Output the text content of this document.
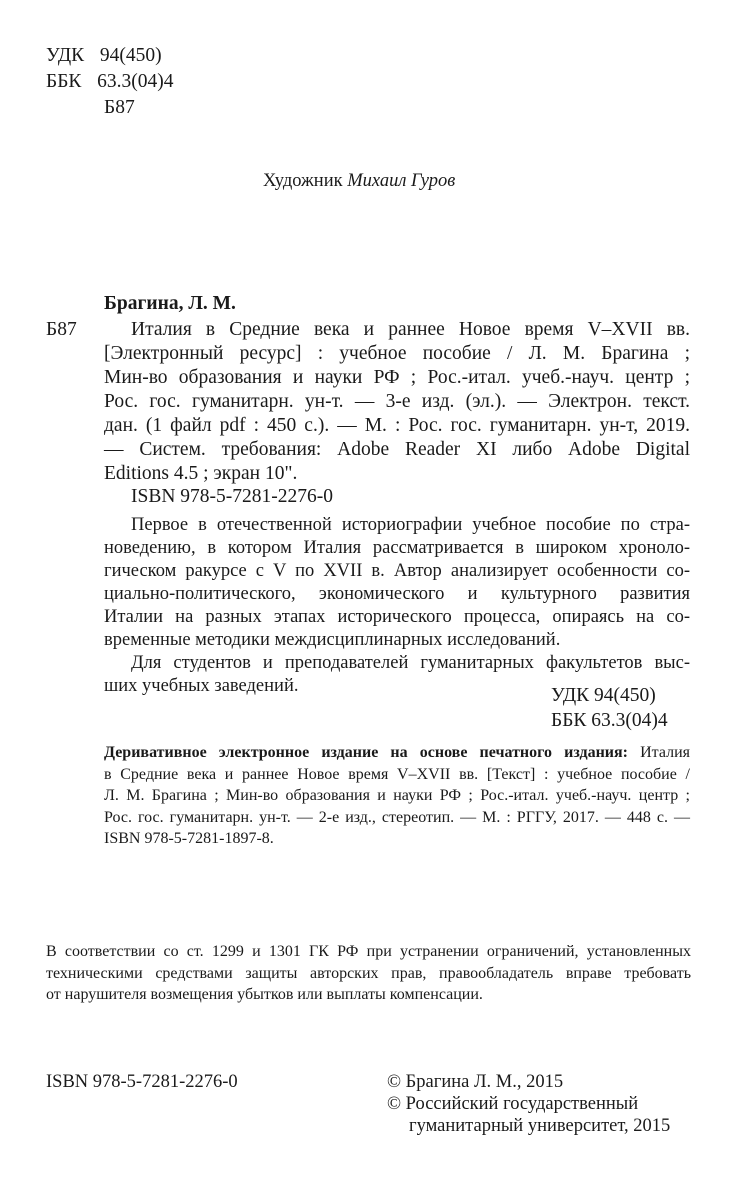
УДК 94(450)
ББК 63.3(04)4
Б87
Художник Михаил Гуров
Брагина, Л. М.
Б87	Италия в Средние века и раннее Новое время V–XVII вв.
[Электронный ресурс] : учебное пособие / Л. М. Брагина ;
Мин-во образования и науки РФ ; Рос.-итал. учеб.-науч. центр ;
Рос. гос. гуманитарн. ун-т. — 3-е изд. (эл.). — Электрон. текст.
дан. (1 файл pdf : 450 с.). — М. : Рос. гос. гуманитарн. ун-т, 2019.
— Систем. требования: Adobe Reader XI либо Adobe Digital
Editions 4.5 ; экран 10".
ISBN 978-5-7281-2276-0
Первое в отечественной историографии учебное пособие по стра-
новедению, в котором Италия рассматривается в широком хроноло-
гическом ракурсе с V по XVII в. Автор анализирует особенности со-
циально-политического, экономического и культурного развития
Италии на разных этапах исторического процесса, опираясь на со-
временные методики междисциплинарных исследований.
Для студентов и преподавателей гуманитарных факультетов выс-
ших учебных заведений.	УДК 94(450)
ББК 63.3(04)4
Деривативное электронное издание на основе печатного издания: Италия
в Средние века и раннее Новое время V–XVII вв. [Текст] : учебное пособие /
Л. М. Брагина ; Мин-во образования и науки РФ ; Рос.-итал. учеб.-науч. центр ;
Рос. гос. гуманитарн. ун-т. — 2-е изд., стереотип. — М. : РГГУ, 2017. — 448 с. —
ISBN 978-5-7281-1897-8.
В соответствии со ст. 1299 и 1301 ГК РФ при устранении ограничений, установленных
техническими средствами защиты авторских прав, правообладатель вправе требовать
от нарушителя возмещения убытков или выплаты компенсации.
ISBN 978-5-7281-2276-0	© Брагина Л. М., 2015
© Российский государственный
гуманитарный университет, 2015
